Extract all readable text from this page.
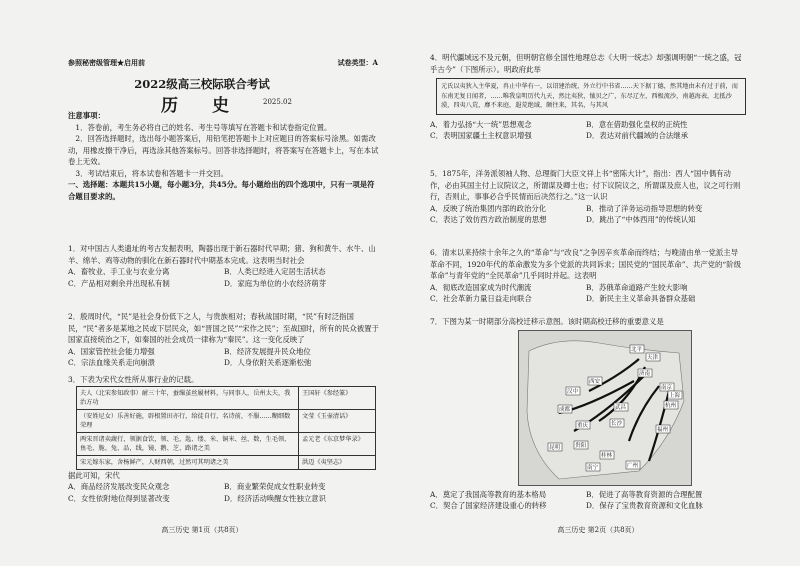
参照秘密级管理★启用前	试卷类型：A
2022级高三校际联合考试
历 史	2025.02

注意事项：

1．答卷前，考生务必将自己的姓名、考生号等填写在答题卡和试卷指定位置。

2．回答选择题时，选出每小题答案后，用铅笔把答题卡上对应题目的答案标号涂黑。如需改动，用橡皮擦干净后，再选涂其他答案标号。回答非选择题时，将答案写在答题卡上，写在本试卷上无效。

3．考试结束后，将本试卷和答题卡一并交回。

一、选择题：本题共15小题，每小题3分，共45分。每小题给出的四个选项中，只有一项是符合题目要求的。

1．对中国古人类遗址的考古发掘表明，陶器出现于新石器时代早期；猪、狗和黄牛、水牛、山羊、绵羊、鸡等动物的驯化在新石器时代中期基本完成。这表明当时社会

A．畜牧业、手工业与农业分离	B．人类已经进入定居生活状态
C．产品相对剩余并出现私有制	D．家庭为单位的小农经济萌芽

2．殷周时代，“民”是社会身份低下之人，与贵族相对；春秋战国时期，“民”有时泛指国民，“民”者多是某地之民或下层民众，如“晋国之民”“宋作之民”；至战国时，所有的民众被置于国家直接统治之下，如秦国的社会成员一律称为“秦民”。这一变化反映了

A．国家管控社会能力增强	B．经济发展提升民众地位
C．宗法血缘关系走向崩溃	D．人身依附关系逐渐松弛

3．下表为宋代女性所从事行业的记载。

夫人（北宋参知政事）耐三十年，蚕缫茧丝履材料，与同事人，岳州太夫，我治方功	王国轩《参经篆》
（安姓尼女）乐善好施，辟根置田亦行，给徒自行，名诗前，不服……糊细数荣理	文莹《玉壶清话》
两宋晋诸卖蔬行，领据食饮，领、毛、匙、缕、米、铜米、丝、数，生毛领、鱼毛、脆、兔、品，线，镜、鹅、芝、路诸之美	孟元老《东京梦华录》
宋元嫁东家，舍杨鲜产，人财西朝，过然可其明诸之美	洪迈《夷坚志》

据此可知，宋代

A．商品经济发展改变民众观念	B．商业繁荣促成女性职业转变
C．女性依附地位得到显著改变	D．经济活动唤醒女性独立意识
高三历史 第1页（共8页）

4．明代疆域远不及元朝，但明朝官修全国性地理总志《大明一统志》却强调明朝“一统之盛，冠乎古今”（下图所示）。明政府此举

元氏以夷狄入主华夏，冉止中华有一，以诏建治统，外立行中书省……天下据丁德，然其地由未有过于前，而东南无复日闻者，……唯我皇明历代九天，然比夷狄，恤贝之广，东尽辽左，西极流沙，南越海表，北抵沙漠，四夷八荒，靡不来庭，遐荒绝域，颇往来，其名，与其风
A．着力弘扬“大一统”思想观念	B．意在借助强化皇权的正统性
C．表明国家疆土主权意识增强	D．表达对前代疆域的合法继承

5．1875年，洋务派领袖人物、总理衙门大臣文祥上书“密陈大计”，指出：西人“国中偶有动作，必由其国主付上议院议之，所谓谋及卿士也；付下议院议之，所谓谋及庶人也，议之可行则行，否则止，事事必合乎民情而后决然行之。”这一认识

A．反映了统治集团内部的政治分化	B．推动了洋务运动指导思想的转变
C．表达了效仿西方政治制度的思想	D．跳出了“中体西用”的传统认知

6．清末以来持续十余年之久的“革命”与“改良”之争因辛亥革命而终结；与晚清由单一党派主导革命不同，1920年代的革命激发为多个党派的共同诉求；国民党的“国民革命”、共产党的“阶级革命”与青年党的“全民革命”几乎同时并起。这表明

A．彻底改造国家成为时代潮流	B．苏俄革命道路产生较大影响
C．社会革新力量日益走向联合	D．新民主主义革命具备群众基础

7．下图为某一时期部分高校迁移示意图。该时期高校迁移的重要意义是

北平
天津
济南
南京
上海
杭州
武昌
长沙
重庆
成都
昆明	贵阳
桂林
广州
西安
福州
南宁
汉中
A．奠定了我国高等教育的基本格局	B．促进了高等教育资源的合理配置
C．契合了国家经济建设重心的转移	D．保存了宝贵教育资源和文化血脉
高三历史 第2页（共8页）
